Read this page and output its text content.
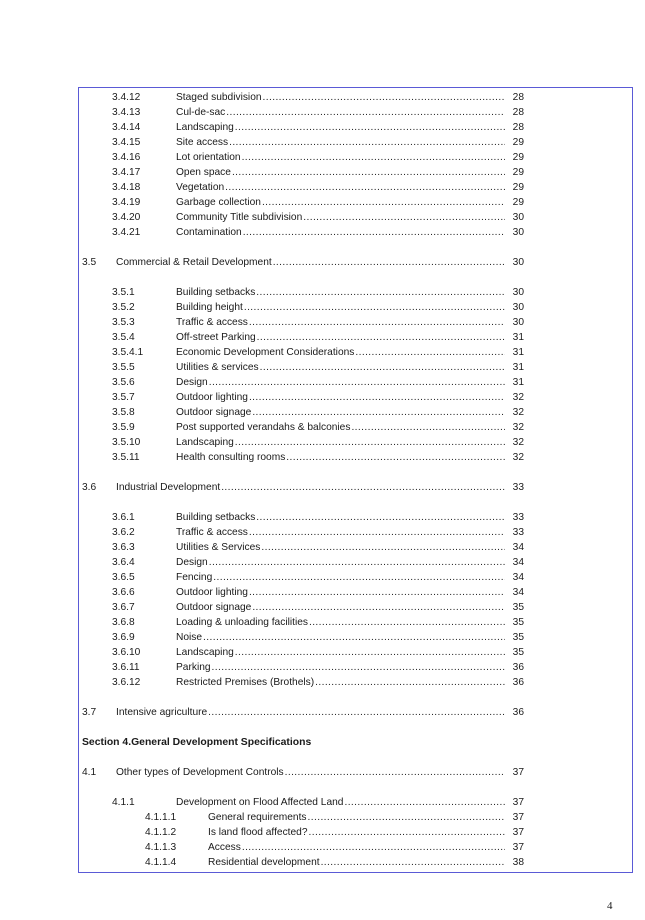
3.4.12	Staged subdivision .....	28
3.4.13	Cul-de-sac .....	28
3.4.14	Landscaping .....	28
3.4.15	Site access .....	29
3.4.16	Lot orientation .....	29
3.4.17	Open space .....	29
3.4.18	Vegetation .....	29
3.4.19	Garbage collection .....	29
3.4.20	Community Title subdivision .....	30
3.4.21	Contamination .....	30
3.5 Commercial & Retail Development .....	30
3.5.1	Building setbacks .....	30
3.5.2	Building height .....	30
3.5.3	Traffic & access .....	30
3.5.4	Off-street Parking .....	31
3.5.4.1	Economic Development Considerations .....	31
3.5.5	Utilities & services .....	31
3.5.6	Design .....	31
3.5.7	Outdoor lighting .....	32
3.5.8	Outdoor signage .....	32
3.5.9	Post supported verandahs & balconies .....	32
3.5.10	Landscaping .....	32
3.5.11	Health consulting rooms .....	32
3.6 Industrial Development .....	33
3.6.1	Building setbacks .....	33
3.6.2	Traffic & access .....	33
3.6.3	Utilities & Services .....	34
3.6.4	Design .....	34
3.6.5	Fencing .....	34
3.6.6	Outdoor lighting .....	34
3.6.7	Outdoor signage .....	35
3.6.8	Loading & unloading facilities .....	35
3.6.9	Noise .....	35
3.6.10	Landscaping .....	35
3.6.11	Parking .....	36
3.6.12	Restricted Premises (Brothels) .....	36
3.7 Intensive agriculture .....	36
Section 4.General Development Specifications
4.1 Other types of Development Controls .....	37
4.1.1	Development on Flood Affected Land .....	37
4.1.1.1	General requirements .....	37
4.1.1.2	Is land flood affected? .....	37
4.1.1.3	Access .....	37
4.1.1.4	Residential development .....	38
4
